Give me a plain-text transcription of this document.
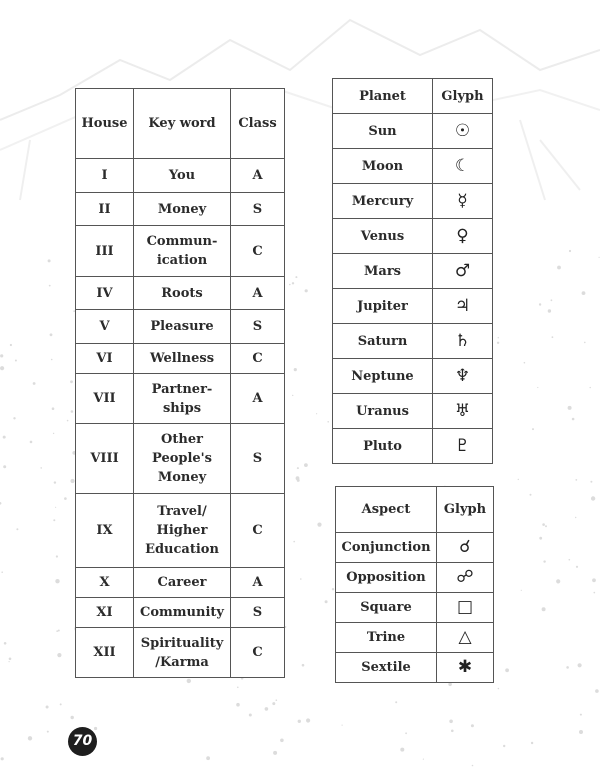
House	Key word	Class
I	You	A
II	Money	S
III	Commun-ication	C
IV	Roots	A
V	Pleasure	S
VI	Wellness	C
VII	Partner-ships	A
VIII	Other People's Money	S
IX	Travel/ Higher Education	C
X	Career	A
XI	Community	S
XII	Spirituality /Karma	C
Planet	Glyph
Sun	☉
Moon	☾
Mercury	☿
Venus	♀
Mars	♂
Jupiter	♃
Saturn	♄
Neptune	♆
Uranus	♅
Pluto	♇
Aspect	Glyph
Conjunction	☌
Opposition	☍
Square	□
Trine	△
Sextile	✱
70
